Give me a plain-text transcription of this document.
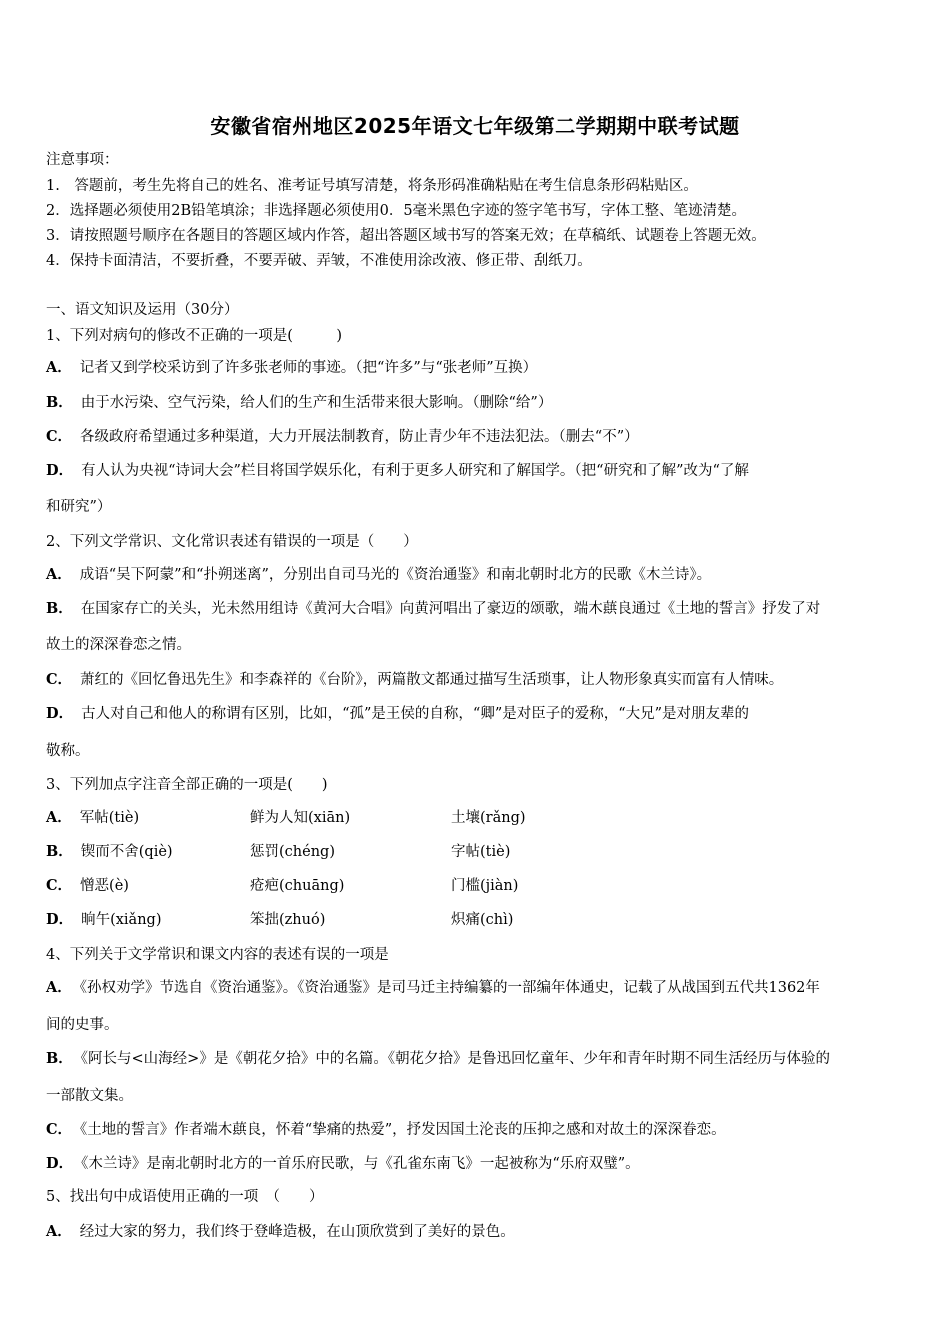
安徽省宿州地区2025年语文七年级第二学期期中联考试题
注意事项：
1.　答题前，考生先将自己的姓名、准考证号填写清楚，将条形码准确粘贴在考生信息条形码粘贴区。
2．选择题必须使用2B铅笔填涂；非选择题必须使用0．5毫米黑色字迹的签字笔书写，字体工整、笔迹清楚。
3．请按照题号顺序在各题目的答题区域内作答，超出答题区域书写的答案无效；在草稿纸、试题卷上答题无效。
4．保持卡面清洁，不要折叠，不要弄破、弄皱，不准使用涂改液、修正带、刮纸刀。
一、语文知识及运用（30分）
1、下列对病句的修改不正确的一项是(　　　)
A． 记者又到学校采访到了许多张老师的事迹。（把“许多”与“张老师”互换）
B． 由于水污染、空气污染，给人们的生产和生活带来很大影响。（删除“给”）
C． 各级政府希望通过多种渠道，大力开展法制教育，防止青少年不违法犯法。（删去“不”）
D． 有人认为央视“诗词大会”栏目将国学娱乐化，有利于更多人研究和了解国学。（把“研究和了解”改为“了解
和研究”）
2、下列文学常识、文化常识表述有错误的一项是（　　）
A． 成语“吴下阿蒙”和“扑朔迷离”，分别出自司马光的《资治通鉴》和南北朝时北方的民歌《木兰诗》。
B． 在国家存亡的关头，光未然用组诗《黄河大合唱》向黄河唱出了豪迈的颂歌，端木蕻良通过《土地的誓言》抒发了对
故土的深深眷恋之情。
C． 萧红的《回忆鲁迅先生》和李森祥的《台阶》，两篇散文都通过描写生活琐事，让人物形象真实而富有人情味。
D． 古人对自己和他人的称谓有区别，比如，“孤”是王侯的自称，“卿”是对臣子的爱称，“大兄”是对朋友辈的
敬称。
3、下列加点字注音全部正确的一项是(　　)
A． 军帖(tiè)	鲜为人知(xiān)	土壤(rǎng)
B． 锲而不舍(qiè)	惩罚(chéng)	字帖(tiè)
C． 憎恶(è)	疮疤(chuāng)	门槛(jiàn)
D． 晌午(xiǎng)	笨拙(zhuó)	炽痛(chì)
4、下列关于文学常识和课文内容的表述有误的一项是
A． 《孙权劝学》节选自《资治通鉴》。《资治通鉴》是司马迁主持编纂的一部编年体通史，记载了从战国到五代共1362年
间的史事。
B． 《阿长与<山海经>》是《朝花夕拾》中的名篇。《朝花夕拾》是鲁迅回忆童年、少年和青年时期不同生活经历与体验的
一部散文集。
C． 《土地的誓言》作者端木蕻良，怀着“挚痛的热爱”，抒发因国土沦丧的压抑之感和对故土的深深眷恋。
D． 《木兰诗》是南北朝时北方的一首乐府民歌，与《孔雀东南飞》一起被称为“乐府双璧”。
5、找出句中成语使用正确的一项　（　　）
A． 经过大家的努力，我们终于登峰造极，在山顶欣赏到了美好的景色。
